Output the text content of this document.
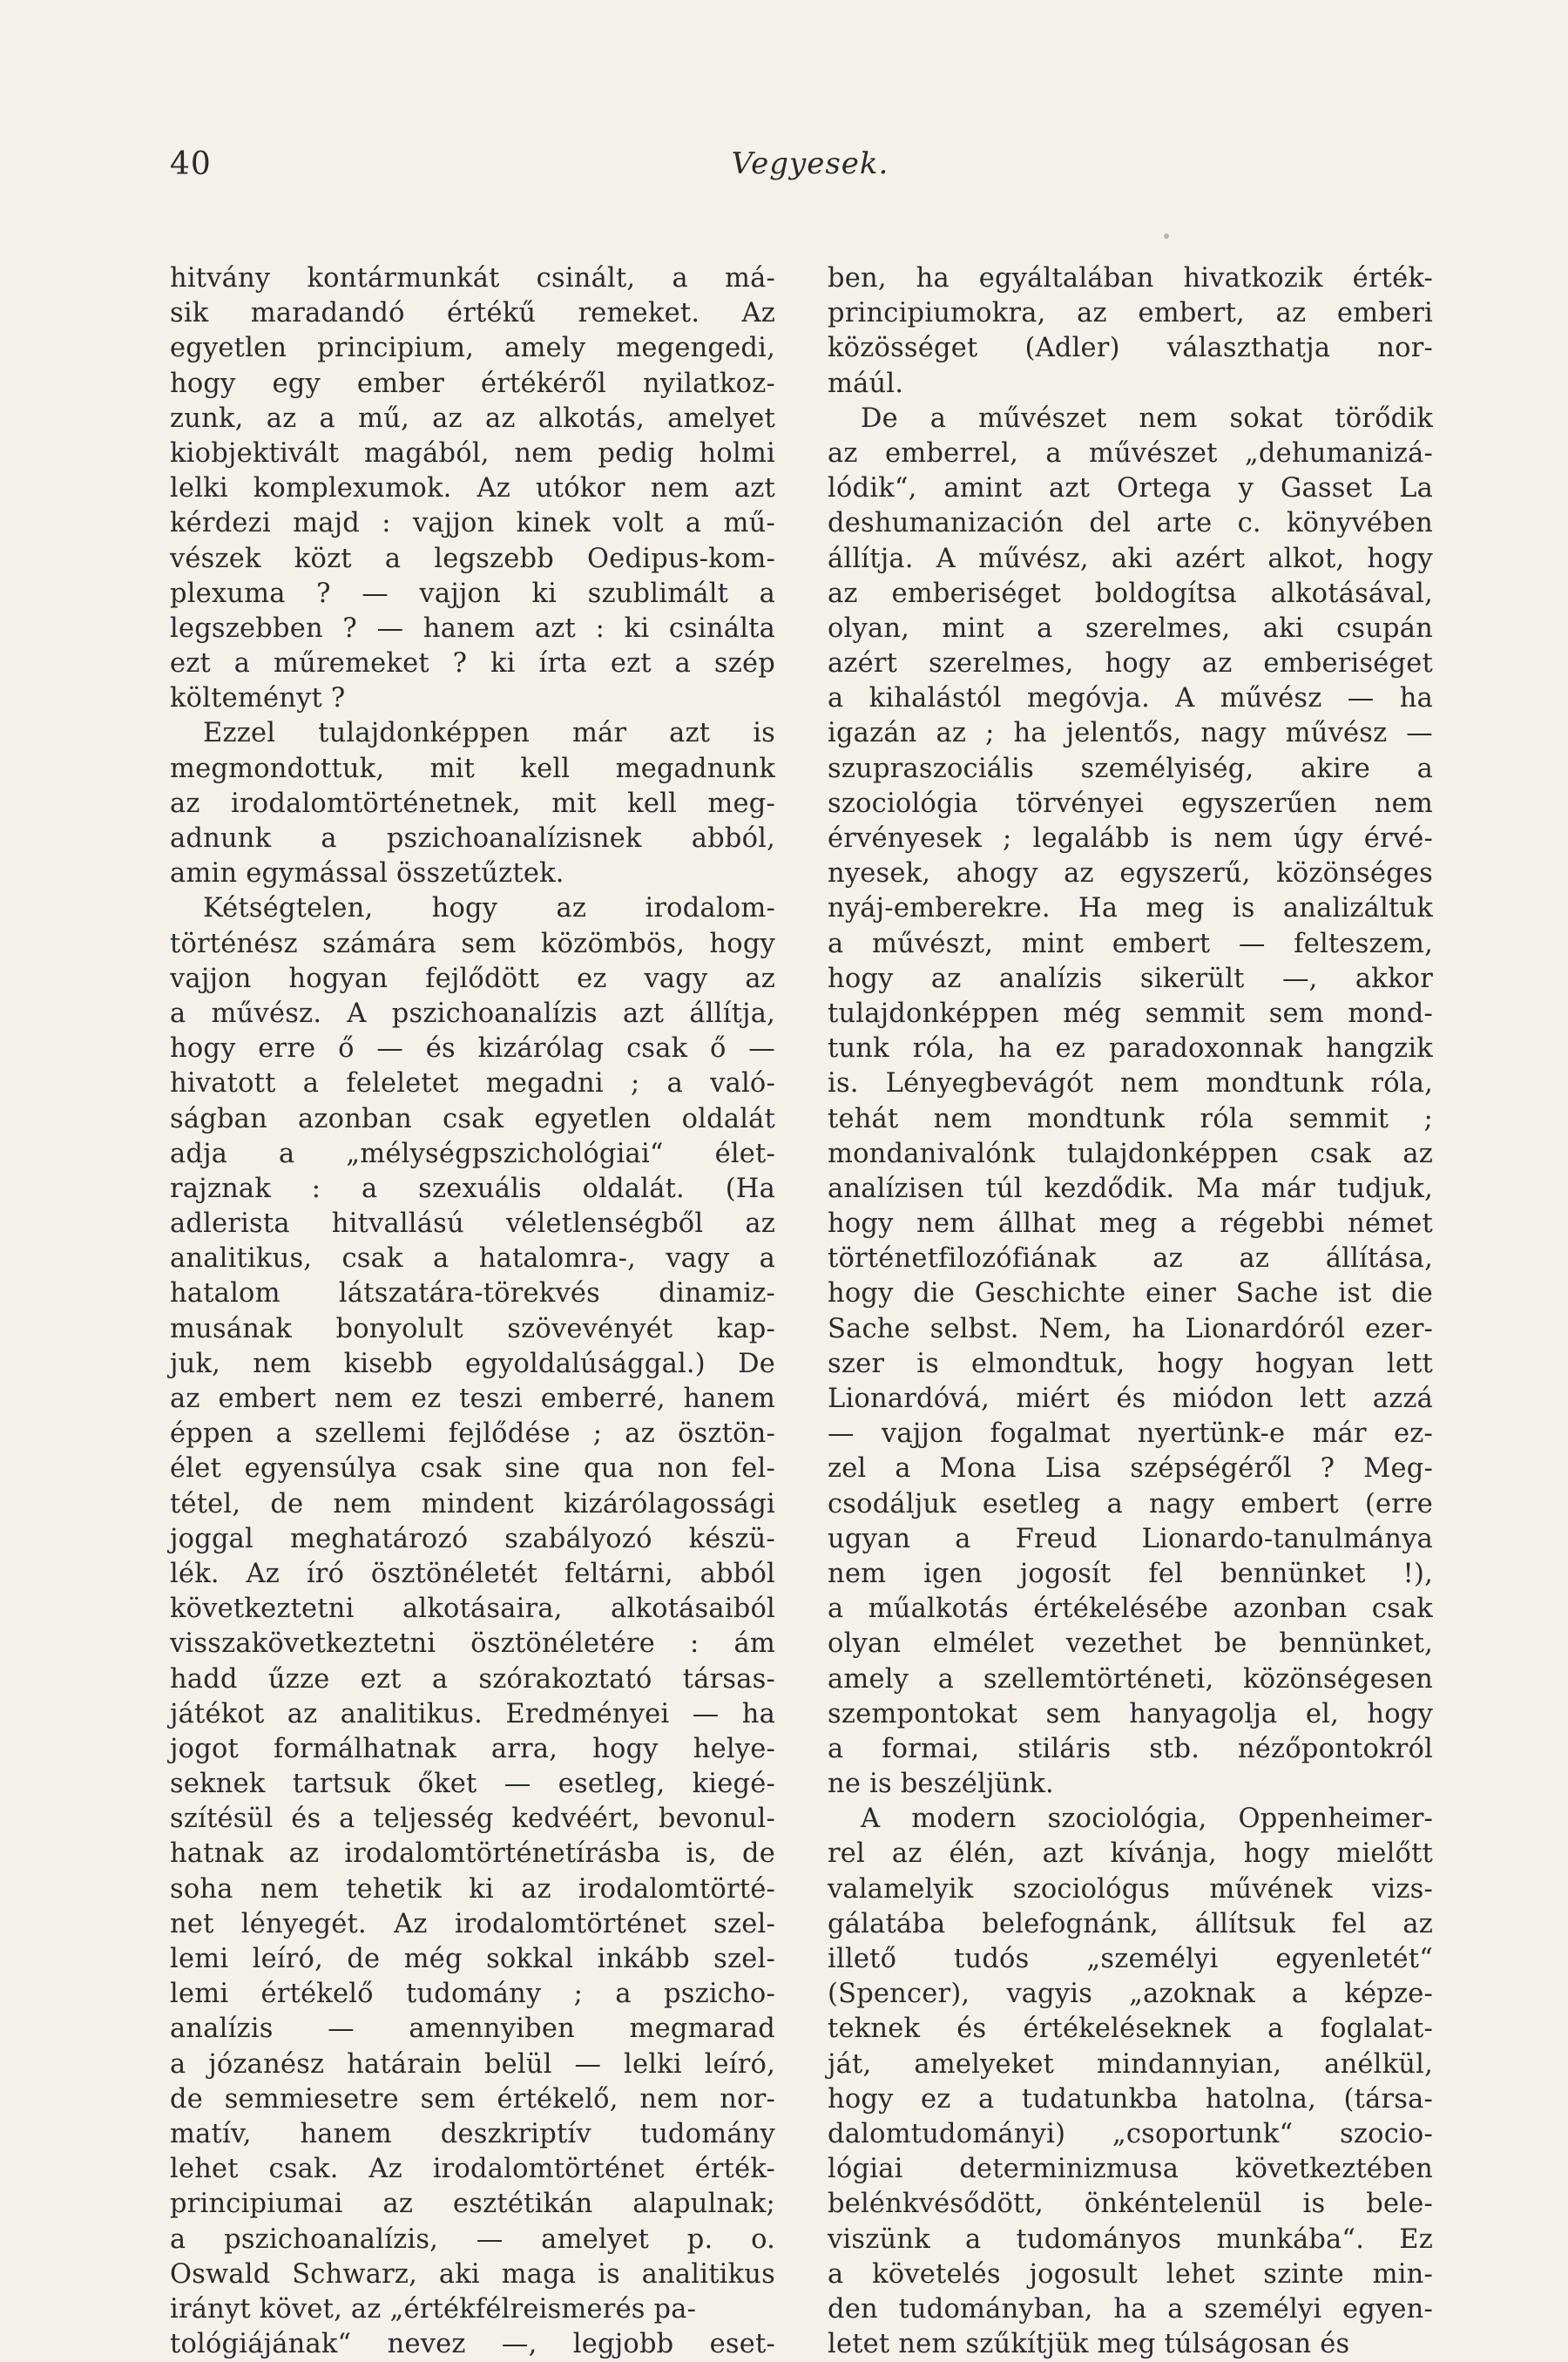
40	Vegyesek.
hitvány kontármunkát csinált, a má-
sik maradandó értékű remeket. Az
egyetlen principium, amely megengedi,
hogy egy ember értékéről nyilatkoz-
zunk, az a mű, az az alkotás, amelyet
kiobjektivált magából, nem pedig holmi
lelki komplexumok. Az utókor nem azt
kérdezi majd : vajjon kinek volt a mű-
vészek közt a legszebb Oedipus-kom-
plexuma ? — vajjon ki szublimált a
legszebben ? — hanem azt : ki csinálta
ezt a műremeket ? ki írta ezt a szép
költeményt ?
Ezzel tulajdonképpen már azt is
megmondottuk, mit kell megadnunk
az irodalomtörténetnek, mit kell meg-
adnunk a pszichoanalízisnek abból,
amin egymással összetűztek.
Kétségtelen, hogy az irodalom-
történész számára sem közömbös, hogy
vajjon hogyan fejlődött ez vagy az
a művész. A pszichoanalízis azt állítja,
hogy erre ő — és kizárólag csak ő —
hivatott a feleletet megadni ; a való-
ságban azonban csak egyetlen oldalát
adja a „mélységpszichológiai“ élet-
rajznak : a szexuális oldalát. (Ha
adlerista hitvallású véletlenségből az
analitikus, csak a hatalomra-, vagy a
hatalom látszatára-törekvés dinamiz-
musának bonyolult szövevényét kap-
juk, nem kisebb egyoldalúsággal.) De
az embert nem ez teszi emberré, hanem
éppen a szellemi fejlődése ; az ösztön-
élet egyensúlya csak sine qua non fel-
tétel, de nem mindent kizárólagossági
joggal meghatározó szabályozó készü-
lék. Az író ösztönéletét feltárni, abból
következtetni alkotásaira, alkotásaiból
visszakövetkeztetni ösztönéletére : ám
hadd űzze ezt a szórakoztató társas-
játékot az analitikus. Eredményei — ha
jogot formálhatnak arra, hogy helye-
seknek tartsuk őket — esetleg, kiegé-
szítésül és a teljesség kedvéért, bevonul-
hatnak az irodalomtörténetírásba is, de
soha nem tehetik ki az irodalomtörté-
net lényegét. Az irodalomtörténet szel-
lemi leíró, de még sokkal inkább szel-
lemi értékelő tudomány ; a pszicho-
analízis — amennyiben megmarad
a józanész határain belül — lelki leíró,
de semmiesetre sem értékelő, nem nor-
matív, hanem deszkriptív tudomány
lehet csak. Az irodalomtörténet érték-
principiumai az esztétikán alapulnak;
a pszichoanalízis, — amelyet p. o.
Oswald Schwarz, aki maga is analitikus
irányt követ, az „értékfélreismerés pa-
tológiájának“ nevez —, legjobb eset-
ben, ha egyáltalában hivatkozik érték-
principiumokra, az embert, az emberi
közösséget (Adler) választhatja nor-
máúl.
De a művészet nem sokat törődik
az emberrel, a művészet „dehumanizá-
lódik“, amint azt Ortega y Gasset La
deshumanización del arte c. könyvében
állítja. A művész, aki azért alkot, hogy
az emberiséget boldogítsa alkotásával,
olyan, mint a szerelmes, aki csupán
azért szerelmes, hogy az emberiséget
a kihalástól megóvja. A művész — ha
igazán az ; ha jelentős, nagy művész —
szupraszociális személyiség, akire a
szociológia törvényei egyszerűen nem
érvényesek ; legalább is nem úgy érvé-
nyesek, ahogy az egyszerű, közönséges
nyáj-emberekre. Ha meg is analizáltuk
a művészt, mint embert — felteszem,
hogy az analízis sikerült —, akkor
tulajdonképpen még semmit sem mond-
tunk róla, ha ez paradoxonnak hangzik
is. Lényegbevágót nem mondtunk róla,
tehát nem mondtunk róla semmit ;
mondanivalónk tulajdonképpen csak az
analízisen túl kezdődik. Ma már tudjuk,
hogy nem állhat meg a régebbi német
történetfilozófiának az az állítása,
hogy die Geschichte einer Sache ist die
Sache selbst. Nem, ha Lionardóról ezer-
szer is elmondtuk, hogy hogyan lett
Lionardóvá, miért és miódon lett azzá
— vajjon fogalmat nyertünk-e már ez-
zel a Mona Lisa szépségéről ? Meg-
csodáljuk esetleg a nagy embert (erre
ugyan a Freud Lionardo-tanulmánya
nem igen jogosít fel bennünket !),
a műalkotás értékelésébe azonban csak
olyan elmélet vezethet be bennünket,
amely a szellemtörténeti, közönségesen
szempontokat sem hanyagolja el, hogy
a formai, stiláris stb. nézőpontokról
ne is beszéljünk.
A modern szociológia, Oppenheimer-
rel az élén, azt kívánja, hogy mielőtt
valamelyik szociológus művének vizs-
gálatába belefognánk, állítsuk fel az
illető tudós „személyi egyenletét“
(Spencer), vagyis „azoknak a képze-
teknek és értékeléseknek a foglalat-
ját, amelyeket mindannyian, anélkül,
hogy ez a tudatunkba hatolna, (társa-
dalomtudományi) „csoportunk“ szocio-
lógiai determinizmusa következtében
belénkvésődött, önkéntelenül is bele-
viszünk a tudományos munkába“. Ez
a követelés jogosult lehet szinte min-
den tudományban, ha a személyi egyen-
letet nem szűkítjük meg túlságosan és
